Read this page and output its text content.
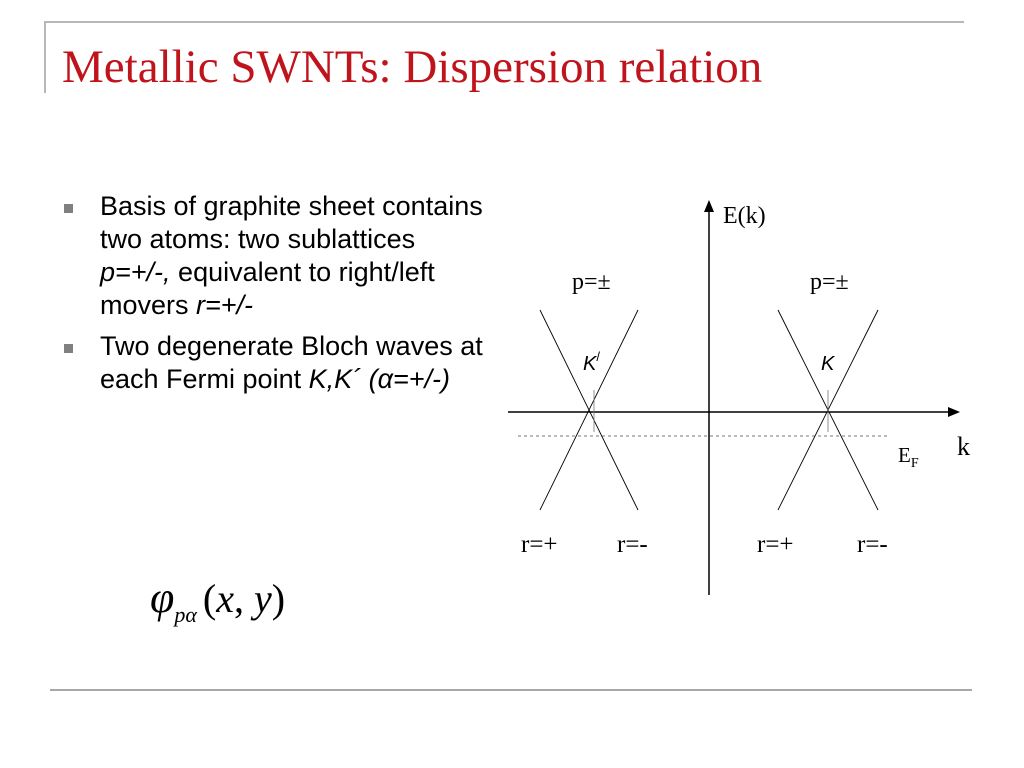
Metallic SWNTs: Dispersion relation
Basis of graphite sheet contains two atoms: two sublattices p=+/-, equivalent to right/left movers r=+/-
Two degenerate Bloch waves at each Fermi point K,K´ (α=+/-)
$\varphi_{p\alpha}$ (x, y)
E(k)
k
$E_F$
p=±	p=±
K/	K
r=+ r=-	r=+	r=-
